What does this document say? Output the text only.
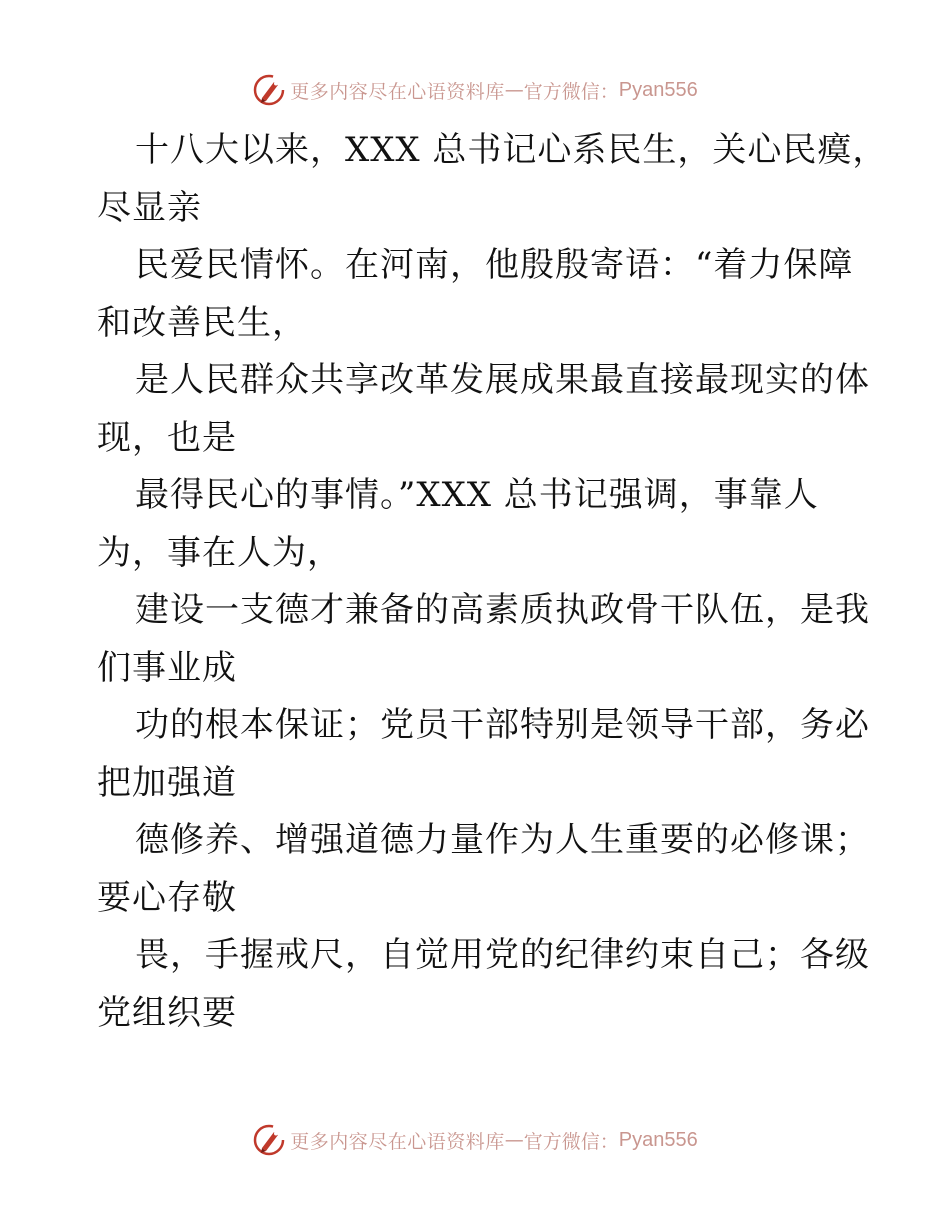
更多内容尽在心语资料库 — 官方微信： Pyan556
十八大以来，XXX 总书记心系民生，关心民瘼，
尽显亲
民爱民情怀。在河南，他殷殷寄语：“着力保障
和改善民生，
是人民群众共享改革发展成果最直接最现实的体
现，也是
最得民心的事情。”XXX 总书记强调，事靠人
为，事在人为，
建设一支德才兼备的高素质执政骨干队伍，是我
们事业成
功的根本保证；党员干部特别是领导干部，务必
把加强道
德修养、增强道德力量作为人生重要的必修课；
要心存敬
畏，手握戒尺，自觉用党的纪律约束自己；各级
党组织要
更多内容尽在心语资料库 — 官方微信： Pyan556
